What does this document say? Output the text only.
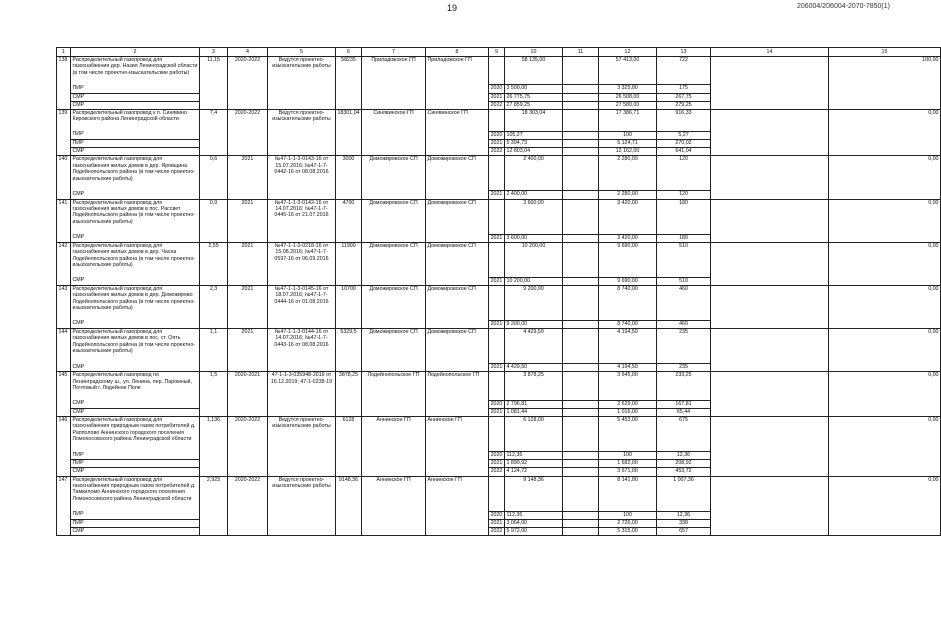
19	206004/206004-2070-7850(1)
1	2	3	4	5	6	7	8	9	10	11	12	13	14	15
138	Распределительный газопровод для газоснабжения дер. Назия Ленинградской области (в том числе проектно-изыскательские работы)	11,15	2020-2022	Ведутся проектно-изыскательские работы	58235	Приладожское ГП	Приладожское ГП		58 135,00		57 413,00	722		100,00
	ПИР							2020	3 500,00		3 325,00	175		
	СМР							2021	26 775,75		26 508,00	267,75		
	СМР							2022	27 859,25		27 580,00	279,25		
139	Распределительный газопровод к п. Синявино Кировского района Ленинградской области	7,4	2020-2022	Ведутся проектно-изыскательские работы	18301,04	Синявинское ГП	Синявинское ГП		18 303,04		17 386,71	916,33		0,00
	ПИР							2020	105,27		100	5,27		
	ПИР							2021	5 394,73		5 124,71	270,02		
	СМР							2022	12 803,04		12 162,00	641,04		
140	Распределительный газопровод для газоснабжения жилых домов в дер. Яровщина Лодейнопольского района (в том числе проектно-изыскательские работы)	0,6	2021	№47-1-1-3-0143-16 от 15.07.2016; №47-1-7-0442-16 от 08.08.2016	3000	Доможировское СП	Доможировское СП		2 400,00		2 280,00	120		0,00
	СМР							2021	2 400,00		2 280,00	120		
141	Распределительный газопровод для газоснабжения жилых домов в пос. Рассвет Лодейнопольского района (в том числе проектно-изыскательские работы)	0,9	2021	№47-1-1-3-0142-16 от 14.07.2016; №47-1-7-0445-16 от 21.07.2016	4700	Доможировское СП	Доможировское СП		3 600,00		3 420,00	180		0,00
	СМР							2021	3 600,00		3 420,00	180		
142	Распределительный газопровод для газоснабжения жилых домов в дер. Часна Лодейнопольского района (в том числе проектно-изыскательские работы)	2,55	2021	№47-1-1-3-0218-16 от 15.08.2016; №47-1-7-0597-16 от 06.09.2016	11900	Доможировское СП	Доможировское СП		10 200,00		9 690,00	510		0,00
	СМР							2021	10 200,00		9 690,00	510		
143	Распределительный газопровод для газоснабжения жилых домов в дер. Доможирово Лодейнопольского района (в том числе проектно-изыскательские работы)	2,3	2021	№47-1-1-3-0145-16 от 18.07.2016; №47-1-7-0444-16 от 01.08.2016	10700	Доможировское СП	Доможировское СП		9 200,00		8 740,00	460		0,00
	СМР							2021	9 200,00		8 740,00	460		
144	Распределительный газопровод для газоснабжения жилых домов в пос. ст. Оять Лодейнопольского района (в том числе проектно-изыскательские работы)	1,1	2021	№47-1-1-3-0144-16 от 14.07.2016; №47-1-7-0443-16 от 08.08.2016	5329,5	Доможировское СП	Доможировское СП		4 429,50		4 194,50	235		0,00
	СМР							2021	4 429,50		4 194,50	235		
145	Распределительный газопровод по Ленинградскому ш., ул. Ленина, пер. Паромный, Почтовый г. Лодейное Поле	1,5	2020-2021	47-1-1-3-035948-2019 от 16.12.2019; 47-1-0238-19	3878,25	Лодейнопольское ГП	Лодейнопольское ГП		3 878,25		3 645,00	233,25		0,00
	СМР							2020	2 796,81		2 629,00	167,81		
	СМР							2021	1 081,44		1 016,00	65,44		
146	Распределительный газопровод для газоснабжения природным газом потребителей д. Рапполово Аннинского городского поселения Ломоносовского района Ленинградской области	1,136	2020-2022	Ведутся проектно-изыскательские работы	6128	Аннинское ГП	Аннинское ГП		6 128,00		5 453,00	675		0,00
	ПИР							2020	112,36		100	12,36		
	ПИР							2021	1 890,92		1 682,00	208,92		
	СМР							2022	4 124,72		3 671,00	453,72		
147	Распределительный газопровод для газоснабжения природным газом потребителей д. Тамкиломо Аннинского городского поселения Ломоносовского района Ленинградской области	2,923	2020-2022	Ведутся проектно-изыскательские работы	9148,36	Аннинское ГП	Аннинское ГП		9 148,36		8 141,00	1 007,36		0,00
	ПИР							2020	112,36		100	12,36		
	ПИР							2021	3 064,00		2 726,00	338		
	СМР							2022	5 972,00		5 315,00	657		
